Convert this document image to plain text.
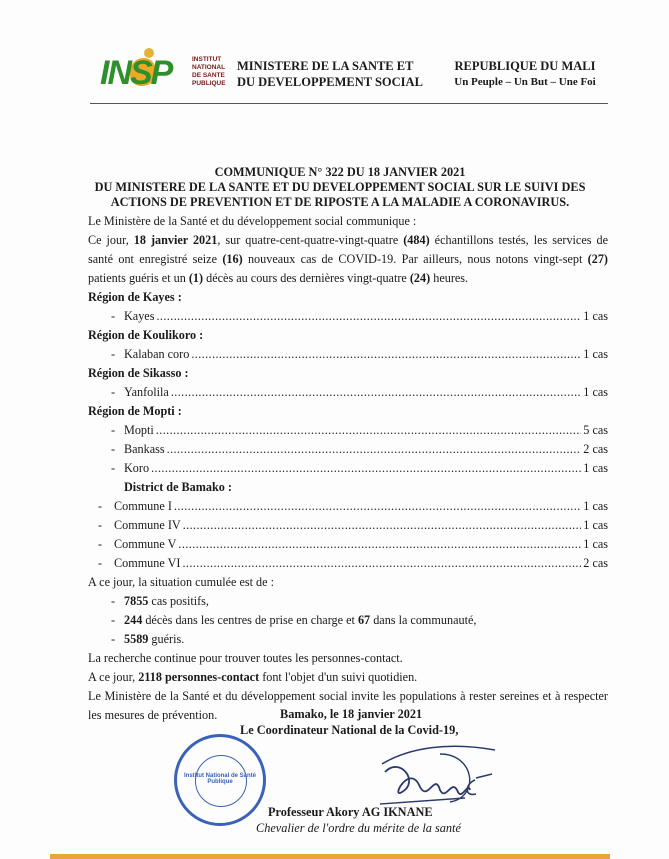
INSP	INSTITUT
NATIONAL
DE SANTE
PUBLIQUE
MINISTERE DE LA SANTE ET
DU DEVELOPPEMENT SOCIAL
REPUBLIQUE DU MALI
Un Peuple – Un But – Une Foi
COMMUNIQUE N° 322 DU 18 JANVIER 2021
DU MINISTERE DE LA SANTE ET DU DEVELOPPEMENT SOCIAL SUR LE SUIVI DES
ACTIONS DE PREVENTION ET DE RIPOSTE A LA MALADIE A CORONAVIRUS.
Le Ministère de la Santé et du développement social communique :
Ce jour, 18 janvier 2021, sur quatre-cent-quatre-vingt-quatre (484) échantillons testés, les services de santé ont enregistré seize (16) nouveaux cas de COVID-19. Par ailleurs, nous notons vingt-sept (27) patients guéris et un (1) décès au cours des dernières vingt-quatre (24) heures.
Région de Kayes :
- Kayes .....	1 cas
Région de Koulikoro :
- Kalaban coro .....	1 cas
Région de Sikasso :
- Yanfolila .....	1 cas
Région de Mopti :
- Mopti .....	5 cas
- Bankass .....	2 cas
- Koro .....	1 cas
District de Bamako :
- Commune I .....	1 cas
- Commune IV .....	1 cas
- Commune V .....	1 cas
- Commune VI .....	2 cas
A ce jour, la situation cumulée est de :
- 7855 cas positifs,
- 244 décès dans les centres de prise en charge et 67 dans la communauté,
- 5589 guéris.
La recherche continue pour trouver toutes les personnes-contact.
A ce jour, 2118 personnes-contact font l'objet d'un suivi quotidien.
Le Ministère de la Santé et du développement social invite les populations à rester sereines et à respecter les mesures de prévention.	Bamako, le 18 janvier 2021
Le Coordinateur National de la Covid-19,
Institut National de Santé Publique
Professeur Akory AG IKNANE
Chevalier de l'ordre du mérite de la santé
